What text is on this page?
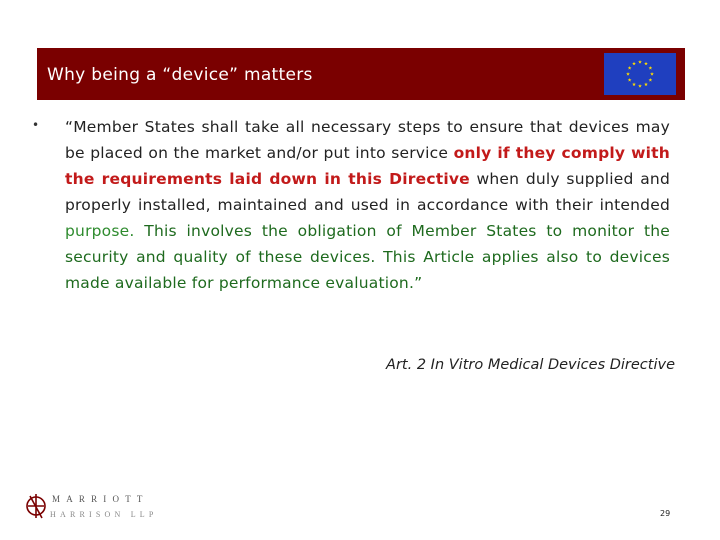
Why being a “device” matters
• “Member States shall take all necessary steps to ensure that devices may be placed on the market and/or put into service only if they comply with the requirements laid down in this Directive when duly supplied and properly installed, maintained and used in accordance with their intended purpose. This involves the obligation of Member States to monitor the security and quality of these devices. This Article applies also to devices made available for performance evaluation.”
Art. 2 In Vitro Medical Devices Directive
MARRIOTT
HARRISON LLP	29
